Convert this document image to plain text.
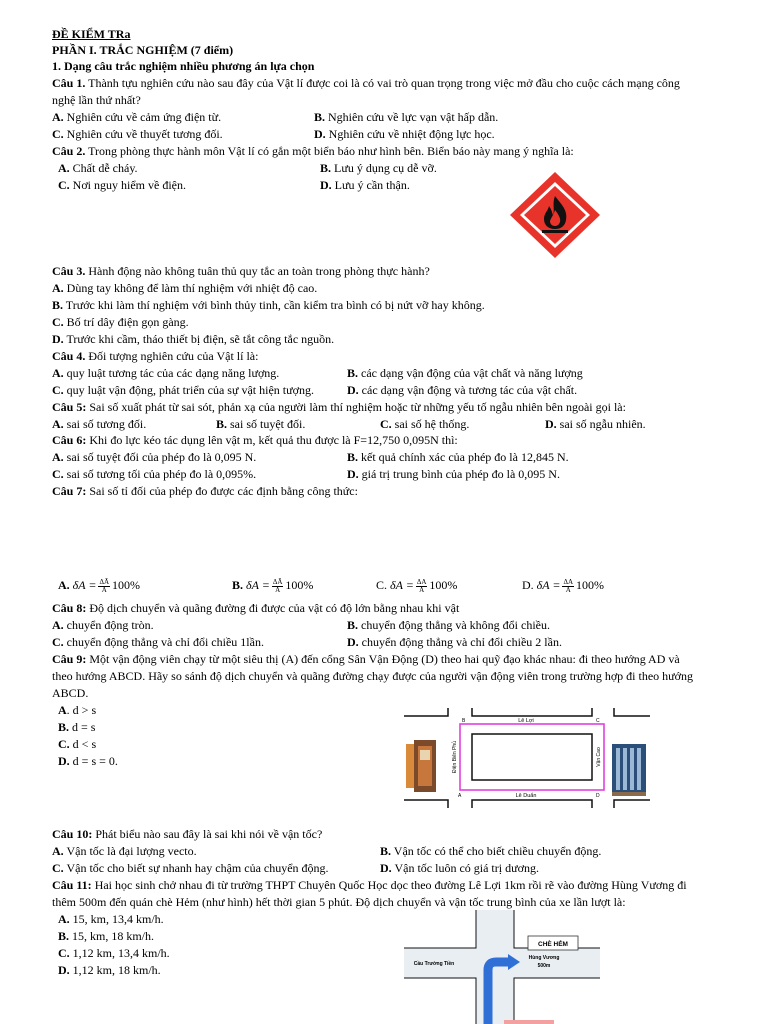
ĐỀ KIỂM TRa
PHẦN I. TRẮC NGHIỆM (7 điểm)
1. Dạng câu trắc nghiệm nhiều phương án lựa chọn
Câu 1. Thành tựu nghiên cứu nào sau đây của Vật lí được coi là có vai trò quan trọng trong việc mở đầu cho cuộc cách mạng công
nghệ lần thứ nhất?
A. Nghiên cứu về cảm ứng điện từ.	B. Nghiên cứu về lực vạn vật hấp dẫn.
C. Nghiên cứu về thuyết tương đối.	D. Nghiên cứu về nhiệt động lực học.
Câu 2. Trong phòng thực hành môn Vật lí có gắn một biển báo như hình bên. Biển báo này mang ý nghĩa là:
A. Chất dễ cháy.	B. Lưu ý dụng cụ dễ vỡ.
C. Nơi nguy hiểm về điện.	D. Lưu ý cần thận.
Câu 3. Hành động nào không tuân thủ quy tắc an toàn trong phòng thực hành?
A. Dùng tay không để làm thí nghiệm với nhiệt độ cao.
B. Trước khi làm thí nghiệm với bình thủy tinh, cần kiểm tra bình có bị nứt vỡ hay không.
C. Bố trí dây điện gọn gàng.
D. Trước khi cầm, tháo thiết bị điện, sẽ tắt công tắc nguồn.
Câu 4. Đối tượng nghiên cứu của Vật lí là:
A. quy luật tương tác của các dạng năng lượng.	B. các dạng vận động của vật chất và năng lượng
C. quy luật vận động, phát triển của sự vật hiện tượng.	D. các dạng vận động và tương tác của vật chất.
Câu 5: Sai số xuất phát từ sai sót, phản xạ của người làm thí nghiệm hoặc từ những yếu tố ngẫu nhiên bên ngoài gọi là:
A. sai số tương đối.	B. sai số tuyệt đối.	C. sai số hệ thống.	D. sai số ngẫu nhiên.
Câu 6: Khi đo lực kéo tác dụng lên vật m, kết quả thu được là F=12,750 0,095N thì:
A. sai số tuyệt đối của phép đo là 0,095 N.	B. kết quả chính xác của phép đo là 12,845 N.
C. sai số tương tối của phép đo là 0,095%.	D. giá trị trung bình của phép đo là 0,095 N.
Câu 7: Sai số tỉ đối của phép đo được các định bằng công thức:
A. $\delta A = \frac{\Delta Ā}{Ā} 100\%$	B. $\delta A = \frac{\Delta Ā}{A} 100\%$	C. $\delta A = \frac{\Delta A}{A} 100\%$	D. $\delta A = \frac{\Delta A}{Ā} 100\%$
Câu 8: Độ dịch chuyển và quãng đường đi được của vật có độ lớn bằng nhau khi vật
A. chuyển động tròn.	B. chuyển động thẳng và không đổi chiều.
C. chuyển động thẳng và chỉ đổi chiều 1lần.	D. chuyển động thẳng và chỉ đổi chiều 2 lần.
Câu 9: Một vận động viên chạy từ một siêu thị (A) đến cổng Sân Vận Động (D) theo hai quỹ đạo khác nhau: đi theo hướng AD và
theo hướng ABCD. Hãy so sánh độ dịch chuyển và quãng đường chạy được của người vận động viên trong trường hợp đi theo hướng
ABCD.
A. d > s
B. d = s
C. d < s
D. d = s = 0.
Lê Lợi
Lê Duẩn
Điện Biên Phủ	Vận Cao
B	C
A	D
Câu 10: Phát biểu nào sau đây là sai khi nói về vận tốc?
A. Vận tốc là đại lượng vecto.	B. Vận tốc có thể cho biết chiều chuyển động.
C. Vận tốc cho biết sự nhanh hay chậm của chuyển động.	D. Vận tốc luôn có giá trị dương.
Câu 11: Hai học sinh chở nhau đi từ trường THPT Chuyên Quốc Học dọc theo đường Lê Lợi 1km rồi rẽ vào đường Hùng Vương đi
thêm 500m đến quán chè Hẻm (như hình) hết thời gian 5 phút. Độ dịch chuyển và vận tốc trung bình của xe lần lượt là:
A. 15, km, 13,4 km/h.
B. 15, km, 18 km/h.
C. 1,12 km, 13,4 km/h.
D. 1,12 km, 18 km/h.
CHÈ HẺM
Hùng Vương
500m
Cầu Trường Tiền
